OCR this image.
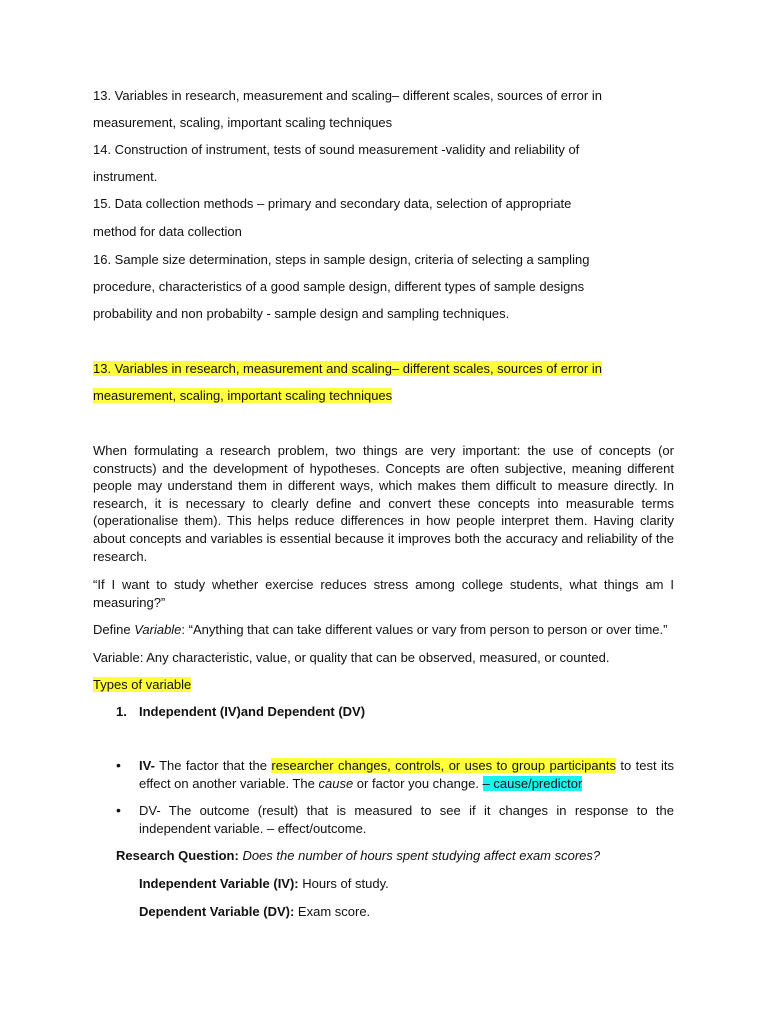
13. Variables in research, measurement and scaling– different scales, sources of error in
measurement, scaling, important scaling techniques
14. Construction of instrument, tests of sound measurement -validity and reliability of
instrument.
15. Data collection methods – primary and secondary data, selection of appropriate
method for data collection
16. Sample size determination, steps in sample design, criteria of selecting a sampling
procedure, characteristics of a good sample design, different types of sample designs
probability and non probabilty - sample design and sampling techniques.
13. Variables in research, measurement and scaling– different scales, sources of error in
measurement, scaling, important scaling techniques
When formulating a research problem, two things are very important: the use of concepts (or constructs) and the development of hypotheses. Concepts are often subjective, meaning different people may understand them in different ways, which makes them difficult to measure directly. In research, it is necessary to clearly define and convert these concepts into measurable terms (operationalise them). This helps reduce differences in how people interpret them. Having clarity about concepts and variables is essential because it improves both the accuracy and reliability of the research.
“If I want to study whether exercise reduces stress among college students, what things am I measuring?”
Define Variable: “Anything that can take different values or vary from person to person or over time.”
Variable: Any characteristic, value, or quality that can be observed, measured, or counted.
Types of variable
1. Independent (IV)and Dependent (DV)
• IV- The factor that the researcher changes, controls, or uses to group participants to test its effect on another variable. The cause or factor you change. – cause/predictor
• DV- The outcome (result) that is measured to see if it changes in response to the independent variable. – effect/outcome.
Research Question: Does the number of hours spent studying affect exam scores?
Independent Variable (IV): Hours of study.
Dependent Variable (DV): Exam score.
